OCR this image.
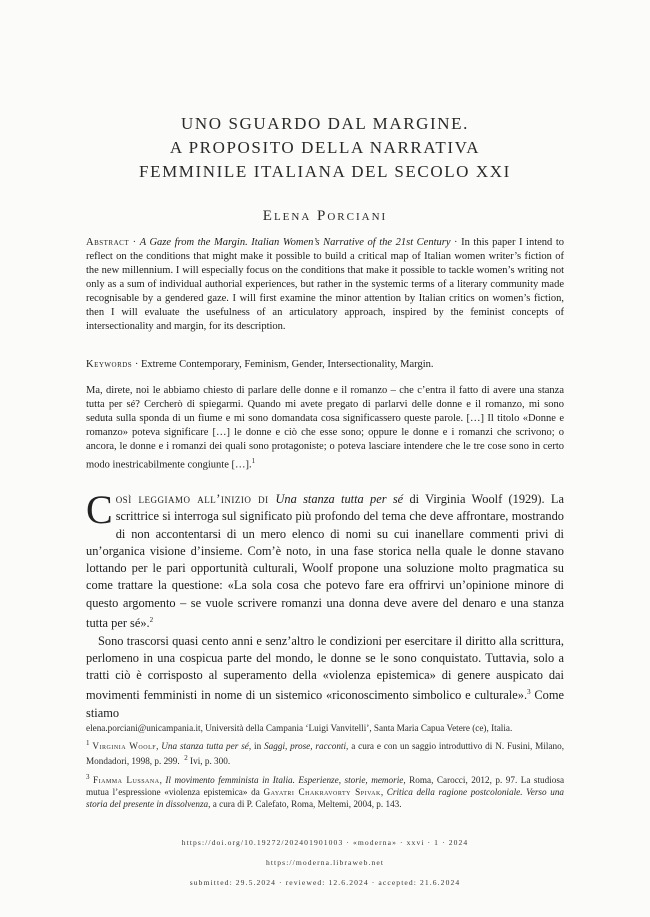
UNO SGUARDO DAL MARGINE.
A PROPOSITO DELLA NARRATIVA
FEMMINILE ITALIANA DEL SECOLO XXI
Elena Porciani
Abstract · A Gaze from the Margin. Italian Women’s Narrative of the 21st Century · In this paper I intend to reflect on the conditions that might make it possible to build a critical map of Italian women writer’s fiction of the new millennium. I will especially focus on the conditions that make it possible to tackle women’s writing not only as a sum of individual authorial experiences, but rather in the systemic terms of a literary community made recognisable by a gendered gaze. I will first examine the minor attention by Italian critics on women’s fiction, then I will evaluate the usefulness of an articulatory approach, inspired by the feminist concepts of intersectionality and margin, for its description.
Keywords · Extreme Contemporary, Feminism, Gender, Intersectionality, Margin.
Ma, direte, noi le abbiamo chiesto di parlare delle donne e il romanzo – che c’entra il fatto di avere una stanza tutta per sé? Cercherò di spiegarmi. Quando mi avete pregato di parlarvi delle donne e il romanzo, mi sono seduta sulla sponda di un fiume e mi sono domandata cosa significassero queste parole. […] Il titolo «Donne e romanzo» poteva significare […] le donne e ciò che esse sono; oppure le donne e i romanzi che scrivono; o ancora, le donne e i romanzi dei quali sono protagoniste; o poteva lasciare intendere che le tre cose sono in certo modo inestricabilmente congiunte […].$^1$

Così leggiamo all’inizio di Una stanza tutta per sé di Virginia Woolf (1929). La scrittrice si interroga sul significato più profondo del tema che deve affrontare, mostrando di non accontentarsi di un mero elenco di nomi su cui inanellare commenti privi di un’organica visione d’insieme. Com’è noto, in una fase storica nella quale le donne stavano lottando per le pari opportunità culturali, Woolf propone una soluzione molto pragmatica su come trattare la questione: «La sola cosa che potevo fare era offrirvi un’opinione minore di questo argomento – se vuole scrivere romanzi una donna deve avere del denaro e una stanza tutta per sé».$^2$

Sono trascorsi quasi cento anni e senz’altro le condizioni per esercitare il diritto alla scrittura, perlomeno in una cospicua parte del mondo, le donne se le sono conquistato. Tuttavia, solo a tratti ciò è corrisposto al superamento della «violenza epistemica» di genere auspicato dai movimenti femministi in nome di un sistemico «riconoscimento simbolico e culturale».$^3$ Come stiamo

elena.porciani@unicampania.it, Università della Campania ‘Luigi Vanvitelli’, Santa Maria Capua Vetere (ce), Italia.

$^1$ Virginia Woolf, Una stanza tutta per sé, in Saggi, prose, racconti, a cura e con un saggio introduttivo di N. Fusini, Milano, Mondadori, 1998, p. 299. $^2$ Ivi, p. 300.

$^3$ Fiamma Lussana, Il movimento femminista in Italia. Esperienze, storie, memorie, Roma, Carocci, 2012, p. 97. La studiosa mutua l’espressione «violenza epistemica» da Gayatri Chakravorty Spivak, Critica della ragione postcoloniale. Verso una storia del presente in dissolvenza, a cura di P. Calefato, Roma, Meltemi, 2004, p. 143.

https://doi.org/10.19272/202401901003 · «moderna» · xxvi · 1 · 2024
https://moderna.libraweb.net
submitted: 29.5.2024 · reviewed: 12.6.2024 · accepted: 21.6.2024
